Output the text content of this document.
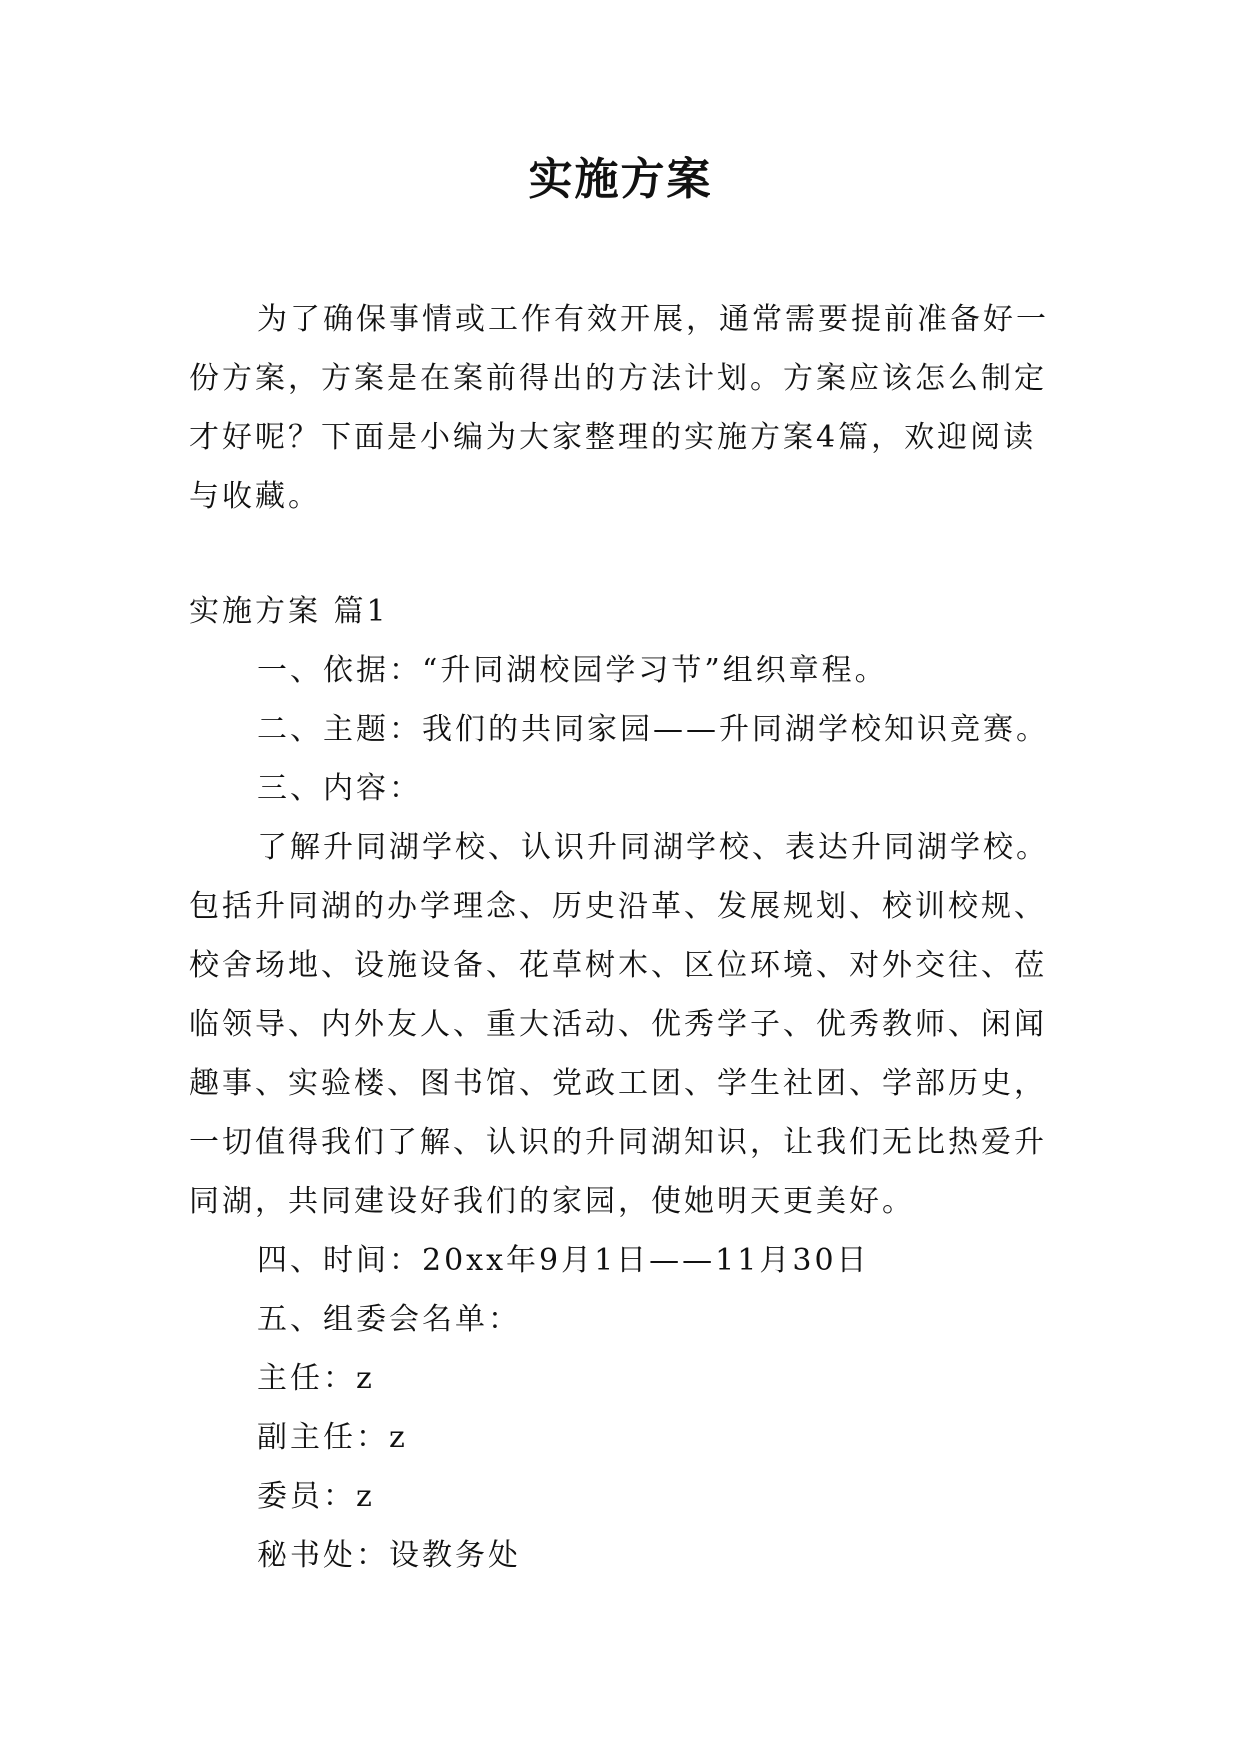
实施方案

为了确保事情或工作有效开展，通常需要提前准备好一份方案，方案是在案前得出的方法计划。方案应该怎么制定才好呢？下面是小编为大家整理的实施方案4篇，欢迎阅读与收藏。

实施方案 篇1

一、依据：“升同湖校园学习节”组织章程。

二、主题：我们的共同家园——升同湖学校知识竞赛。

三、内容：

了解升同湖学校、认识升同湖学校、表达升同湖学校。包括升同湖的办学理念、历史沿革、发展规划、校训校规、校舍场地、设施设备、花草树木、区位环境、对外交往、莅临领导、内外友人、重大活动、优秀学子、优秀教师、闲闻趣事、实验楼、图书馆、党政工团、学生社团、学部历史，一切值得我们了解、认识的升同湖知识，让我们无比热爱升同湖，共同建设好我们的家园，使她明天更美好。

四、时间：20xx年9月1日——11月30日

五、组委会名单：

主任：z

副主任：z

委员：z

秘书处：设教务处
